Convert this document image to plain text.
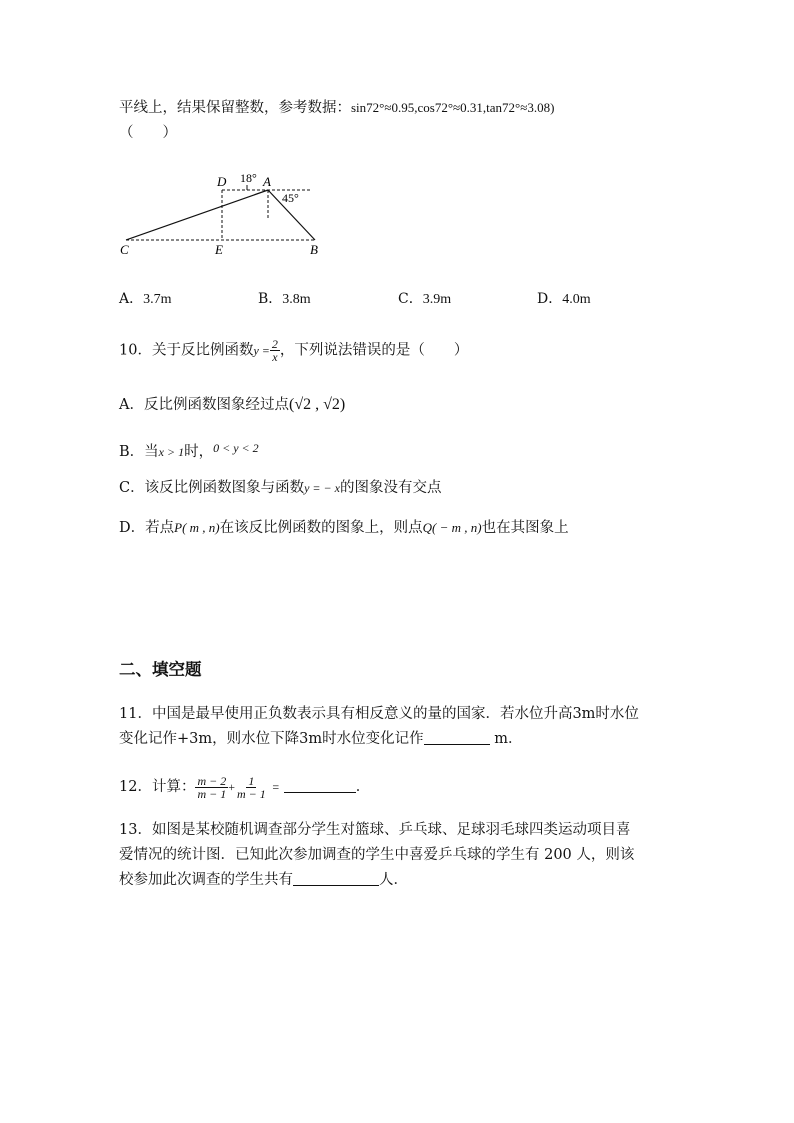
平线上，结果保留整数，参考数据：sin72°≈0.95,cos72°≈0.31,tan72°≈3.08)
（　　）
C	E	B
D	A
18°
45°
A．3.7m	B．3.8m	C．3.9m	D．4.0m
10．关于反比例函数$y = \frac{2}{x}$ ，下列说法错误的是（　　）
A．反比例函数图象经过点(√2 , √2)
B．当x > 1时，$^{0 < y < 2}$
C．该反比例函数图象与函数y = − x的图象没有交点
D．若点P( m , n)在该反比例函数的图象上，则点Q( − m , n)也在其图象上
二、填空题
11．中国是最早使用正负数表示具有相反意义的量的国家．若水位升高3m时水位
变化记作+3m，则水位下降3m时水位变化记作	m．
12．计算： $\frac{m - 2}{m - 1} + \frac{1}{m - 1}$ =	．
13．如图是某校随机调查部分学生对篮球、乒乓球、足球羽毛球四类运动项目喜
爱情况的统计图．已知此次参加调查的学生中喜爱乒乓球的学生有 200 人，则该
校参加此次调查的学生共有	人．
